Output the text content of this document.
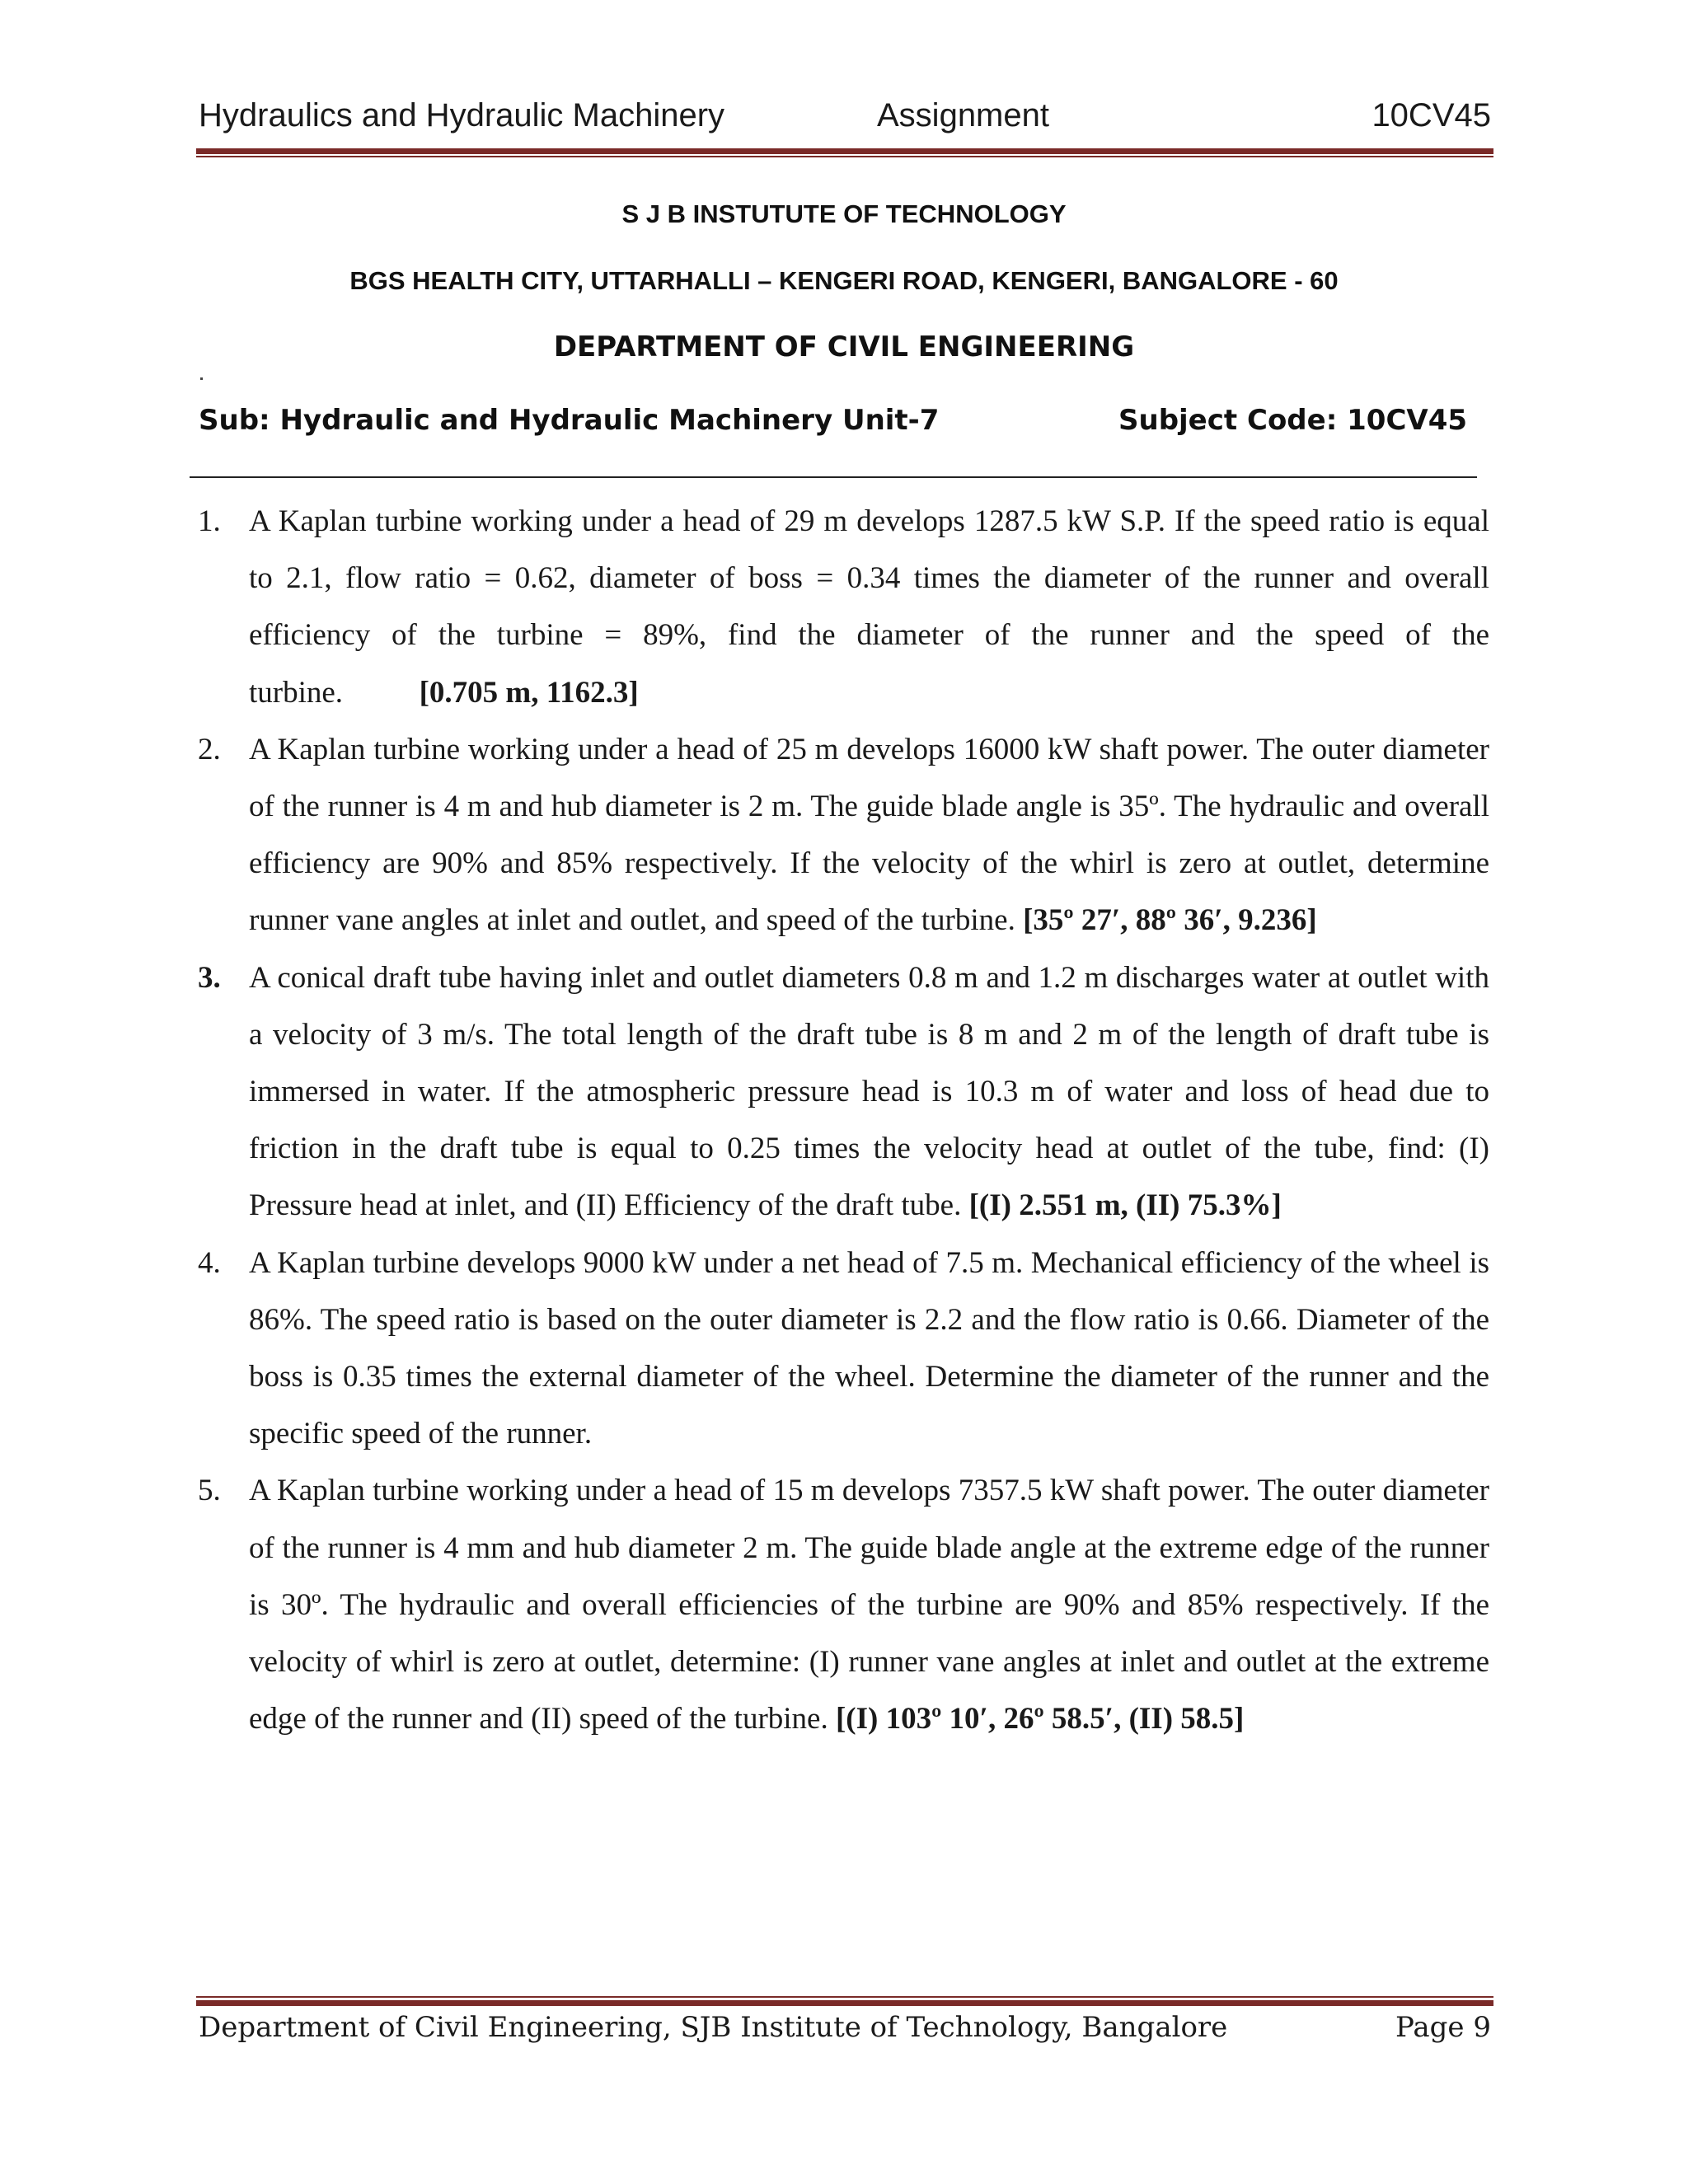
Hydraulics and Hydraulic Machinery	Assignment	10CV45
S J B INSTUTUTE OF TECHNOLOGY
BGS HEALTH CITY, UTTARHALLI – KENGERI ROAD, KENGERI, BANGALORE - 60
DEPARTMENT OF CIVIL ENGINEERING
Sub: Hydraulic and Hydraulic Machinery Unit-7	Subject Code: 10CV45
1. A Kaplan turbine working under a head of 29 m develops 1287.5 kW S.P. If the speed ratio is equal to 2.1, flow ratio = 0.62, diameter of boss = 0.34 times the diameter of the runner and overall efficiency of the turbine = 89%, find the diameter of the runner and the speed of the turbine.	[0.705 m, 1162.3]
2. A Kaplan turbine working under a head of 25 m develops 16000 kW shaft power. The outer diameter of the runner is 4 m and hub diameter is 2 m. The guide blade angle is 35º. The hydraulic and overall efficiency are 90% and 85% respectively. If the velocity of the whirl is zero at outlet, determine runner vane angles at inlet and outlet, and speed of the turbine. [35º 27′, 88º 36′, 9.236]
3. A conical draft tube having inlet and outlet diameters 0.8 m and 1.2 m discharges water at outlet with a velocity of 3 m/s. The total length of the draft tube is 8 m and 2 m of the length of draft tube is immersed in water. If the atmospheric pressure head is 10.3 m of water and loss of head due to friction in the draft tube is equal to 0.25 times the velocity head at outlet of the tube, find: (I) Pressure head at inlet, and (II) Efficiency of the draft tube. [(I) 2.551 m, (II) 75.3%]
4. A Kaplan turbine develops 9000 kW under a net head of 7.5 m. Mechanical efficiency of the wheel is 86%. The speed ratio is based on the outer diameter is 2.2 and the flow ratio is 0.66. Diameter of the boss is 0.35 times the external diameter of the wheel. Determine the diameter of the runner and the specific speed of the runner.
5. A Kaplan turbine working under a head of 15 m develops 7357.5 kW shaft power. The outer diameter of the runner is 4 mm and hub diameter 2 m. The guide blade angle at the extreme edge of the runner is 30º. The hydraulic and overall efficiencies of the turbine are 90% and 85% respectively. If the velocity of whirl is zero at outlet, determine: (I) runner vane angles at inlet and outlet at the extreme edge of the runner and (II) speed of the turbine. [(I) 103º 10′, 26º 58.5′, (II) 58.5]
Department of Civil Engineering, SJB Institute of Technology, Bangalore	Page 9
